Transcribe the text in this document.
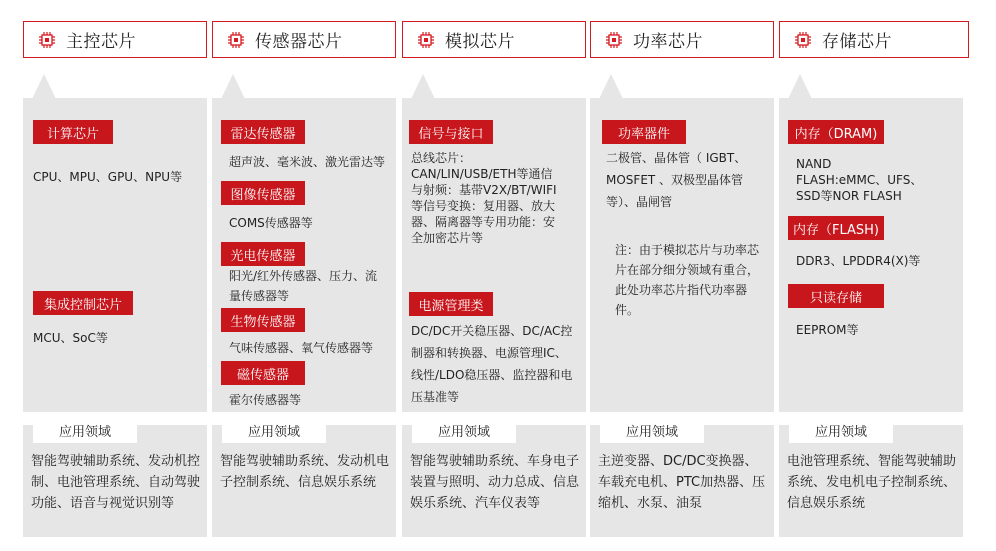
主控芯片
计算芯片
CPU、MPU、GPU、NPU等
集成控制芯片
MCU、SoC等
应用领域
智能驾驶辅助系统、发动机控制、电池管理系统、自动驾驶功能、语音与视觉识别等
传感器芯片
雷达传感器
超声波、毫米波、激光雷达等
图像传感器
COMS传感器等
光电传感器
阳光/红外传感器、压力、流量传感器等
生物传感器
气味传感器、氧气传感器等
磁传感器
霍尔传感器等
应用领域
智能驾驶辅助系统、发动机电子控制系统、信息娱乐系统
模拟芯片
信号与接口
总线芯片：CAN/LIN/USB/ETH等通信与射频：基带V2X/BT/WIFI等信号变换：复用器、放大器、隔离器等专用功能：安全加密芯片等
电源管理类
DC/DC开关稳压器、DC/AC控制器和转换器、电源管理IC、线性/LDO稳压器、监控器和电压基准等
应用领域
智能驾驶辅助系统、车身电子装置与照明、动力总成、信息娱乐系统、汽车仪表等
功率芯片
功率器件
二极管、晶体管（ IGBT、MOSFET 、双极型晶体管等）、晶闸管
注：由于模拟芯片与功率芯片在部分细分领域有重合，此处功率芯片指代功率器件。
应用领域
主逆变器、DC/DC变换器、车载充电机、PTC加热器、压缩机、水泵、油泵
存储芯片
内存（DRAM)
NAND FLASH:eMMC、UFS、SSD等NOR FLASH
内存（FLASH)
DDR3、LPDDR4(X)等
只读存储
EEPROM等
应用领域
电池管理系统、智能驾驶辅助系统、发电机电子控制系统、信息娱乐系统
